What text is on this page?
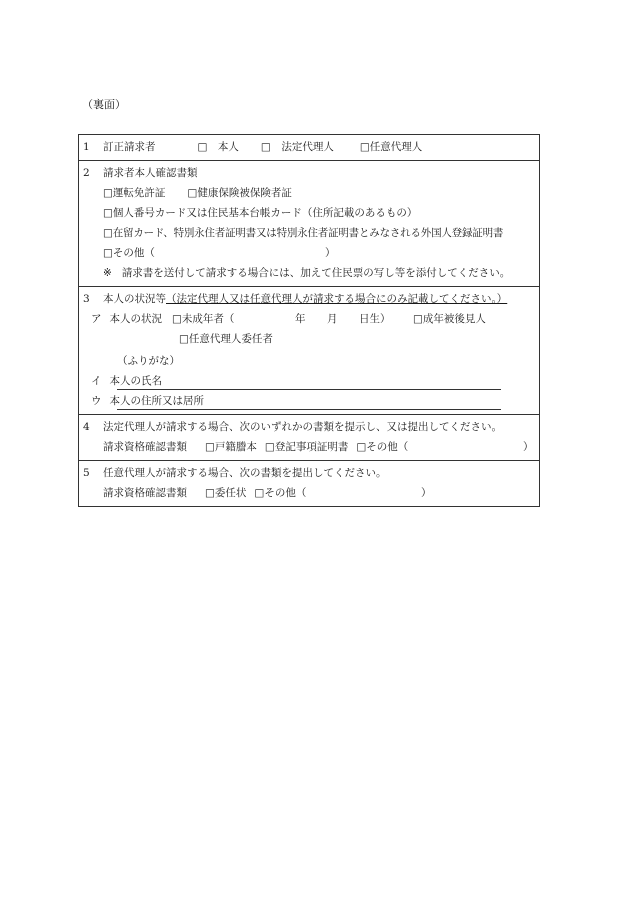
（裏面）
1 訂正請求者	□　本人 □　法定代理人 □任意代理人
2 請求者本人確認書類
□運転免許証 □健康保険被保険者証
□個人番号カード又は住民基本台帳カード（住所記載のあるもの）
□在留カード、特別永住者証明書又は特別永住者証明書とみなされる外国人登録証明書
□その他（	）
※ 請求書を送付して請求する場合には、加えて住民票の写し等を添付してください。
3 本人の状況等（法定代理人又は任意代理人が請求する場合にのみ記載してください。）
ア 本人の状況 □未成年者（	年 月 日生） □成年被後見人
□任意代理人委任者
（ふりがな）
イ 本人の氏名
ウ 本人の住所又は居所
4 法定代理人が請求する場合、次のいずれかの書類を提示し、又は提出してください。
請求資格確認書類 □戸籍謄本 □登記事項証明書 □その他（	）
5 任意代理人が請求する場合、次の書類を提出してください。
請求資格確認書類 □委任状 □その他（	）
